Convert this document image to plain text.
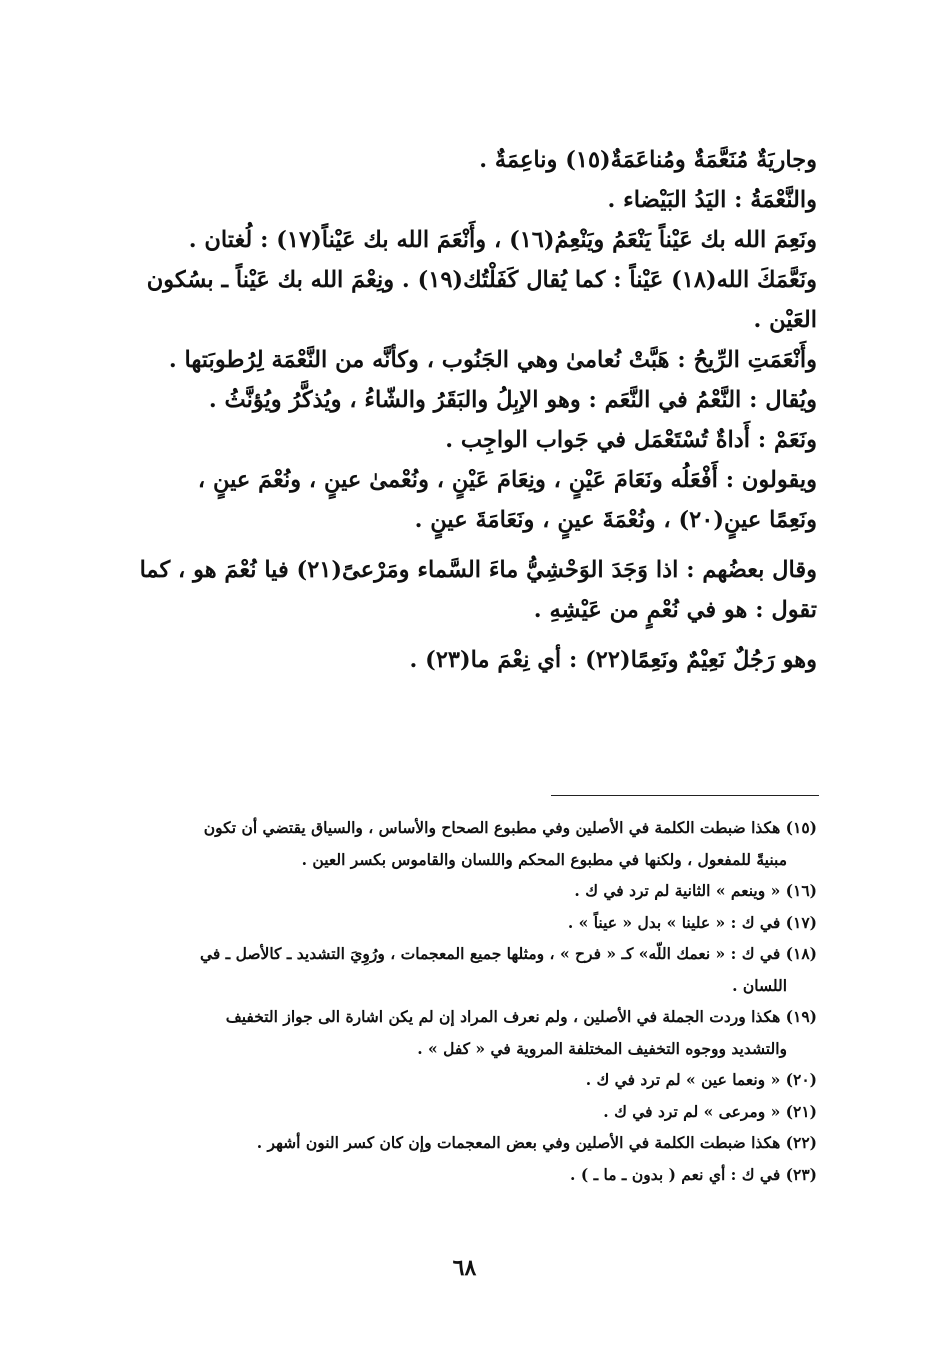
وجاريَةٌ مُنَعَّمَةٌ ومُناعَمَةٌ(١٥) وناعِمَةٌ .

والنَّعْمَةُ : اليَدُ البَيْضاء .

ونَعِمَ الله بك عَيْناً يَنْعَمُ ويَنْعِمُ(١٦) ، وأَنْعَمَ الله بك عَيْناً(١٧) : لُغتان .

ونَعَّمَكَ الله(١٨) عَيْناً : كما يُقال كَفَلْتُك(١٩) . ونِعْمَ الله بك عَيْناً ـ بسُكون

العَيْن .

وأَنْعَمَتِ الرِّيحُ : هَبَّتْ نُعامىٰ وهي الجَنُوب ، وكأنَّه من النَّعْمَة لِرُطوبَتها .

ويُقال : النَّعْمُ في النَّعَم : وهو الإبِلُ والبَقَرُ والشّاءُ ، ويُذكَّرُ ويُؤنَّثُ .

ونَعَمْ : أَداةٌ تُسْتَعْمَل في جَواب الواجِب .

ويقولون : أَفْعَلُه ونَعَامَ عَيْنٍ ، ونِعَامَ عَيْنٍ ، ونُعْمىٰ عينٍ ، ونُعْمَ عينٍ ،

ونَعِمًا عينٍ(٢٠) ، ونُعْمَةَ عينٍ ، ونَعَامَةَ عينٍ .

وقال بعضُهم : اذا وَجَدَ الوَحْشِيُّ ماءَ السَّماء ومَرْعىً(٢١) فيا نُعْمَ هو ، كما

تقول : هو في نُعْمٍ من عَيْشِهِ .

وهو رَجُلٌ نَعِيْمٌ ونَعِمًا(٢٢) : أي نِعْمَ ما(٢٣) .

(١٥) هكذا ضبطت الكلمة في الأصلين وفي مطبوع الصحاح والأساس ، والسياق يقتضي أن تكون

مبنيةً للمفعول ، ولكنها في مطبوع المحكم واللسان والقاموس بكسر العين .

(١٦) « وينعم » الثانية لم ترد في ك .

(١٧) في ك : « علينا » بدل « عيناً » .

(١٨) في ك : « نعمك اللّه» كـ « فرح » ، ومثلها جميع المعجمات ، ورُوِيَ التشديد ـ كالأصل ـ في

اللسان .

(١٩) هكذا وردت الجملة في الأصلين ، ولم نعرف المراد إن لم يكن اشارة الى جواز التخفيف

والتشديد ووجوه التخفيف المختلفة المروية في « كفل » .

(٢٠) « ونعما عين » لم ترد في ك .

(٢١) « ومرعى » لم ترد في ك .

(٢٢) هكذا ضبطت الكلمة في الأصلين وفي بعض المعجمات وإن كان كسر النون أشهر .

(٢٣) في ك : أي نعم ( بدون ـ ما ـ ) .

٦٨
